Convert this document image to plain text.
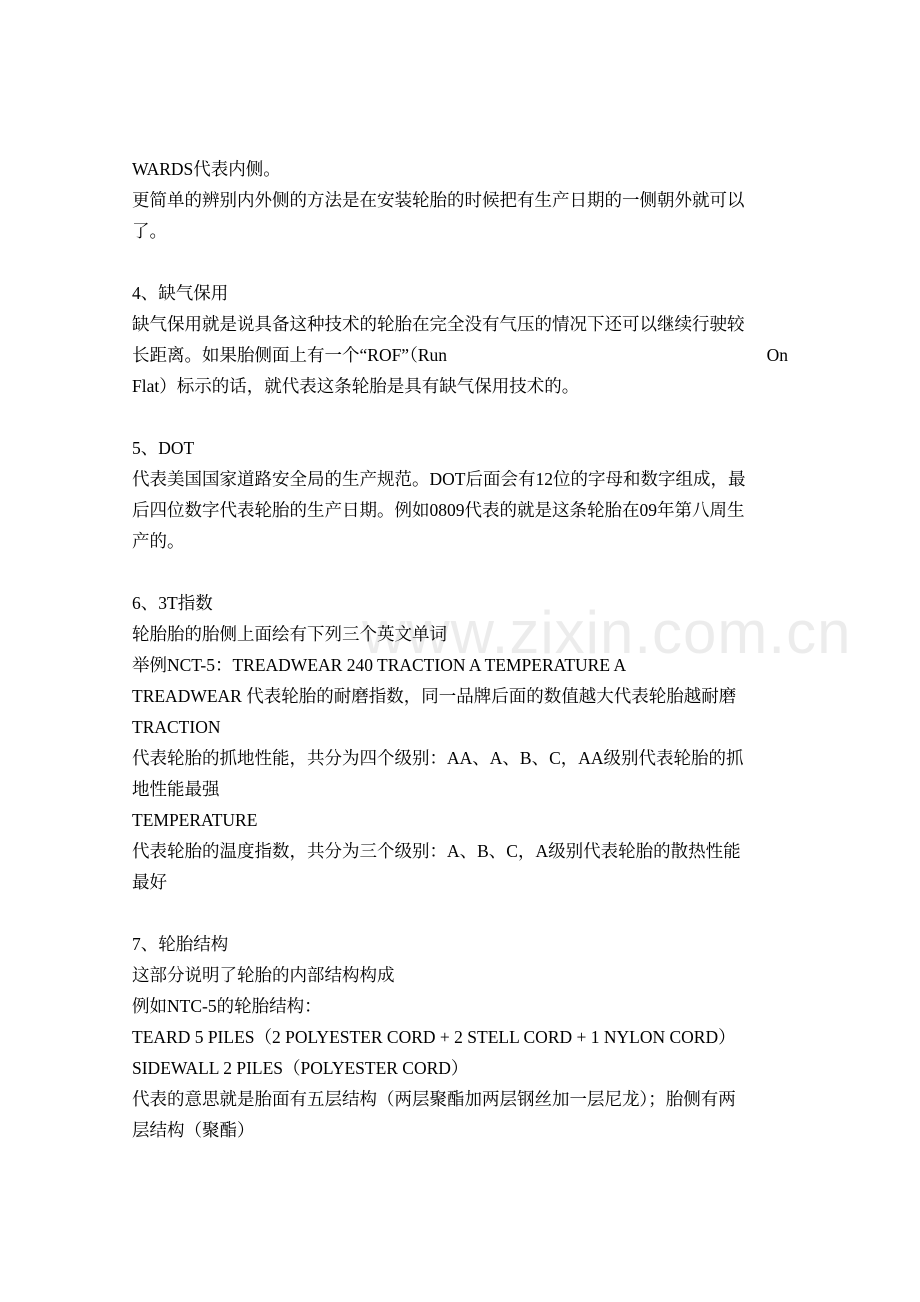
www.zixin.com.cn
WARDS代表内侧。
更简单的辨别内外侧的方法是在安装轮胎的时候把有生产日期的一侧朝外就可以
了。
4、缺气保用
缺气保用就是说具备这种技术的轮胎在完全没有气压的情况下还可以继续行驶较
长距离。如果胎侧面上有一个“ROF”（Run	On
Flat）标示的话，就代表这条轮胎是具有缺气保用技术的。
5、DOT
代表美国国家道路安全局的生产规范。DOT后面会有12位的字母和数字组成，最
后四位数字代表轮胎的生产日期。例如0809代表的就是这条轮胎在09年第八周生
产的。
6、3T指数
轮胎胎的胎侧上面绘有下列三个英文单词
举例NCT-5：TREADWEAR 240 TRACTION A TEMPERATURE A
TREADWEAR 代表轮胎的耐磨指数，同一品牌后面的数值越大代表轮胎越耐磨
TRACTION
代表轮胎的抓地性能，共分为四个级别：AA、A、B、C，AA级别代表轮胎的抓
地性能最强
TEMPERATURE
代表轮胎的温度指数，共分为三个级别：A、B、C，A级别代表轮胎的散热性能
最好
7、轮胎结构
这部分说明了轮胎的内部结构构成
例如NTC-5的轮胎结构：
TEARD 5 PILES（2 POLYESTER CORD + 2 STELL CORD + 1 NYLON CORD）
SIDEWALL 2 PILES（POLYESTER CORD）
代表的意思就是胎面有五层结构（两层聚酯加两层钢丝加一层尼龙）；胎侧有两
层结构（聚酯）
